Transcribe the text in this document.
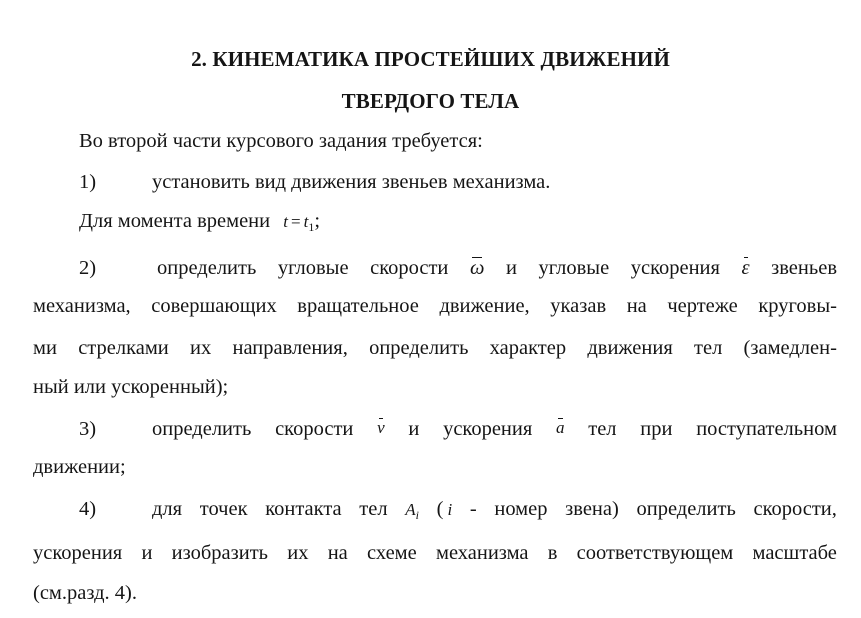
2. КИНЕМАТИКА ПРОСТЕЙШИХ ДВИЖЕНИЙ
ТВЕРДОГО ТЕЛА
Во второй части курсового задания требуется:
1)	установить вид движения звеньев механизма.
Для момента времени $t = t_1$;
2)	определить угловые скорости ω и угловые ускорения ε звеньев
механизма, совершающих вращательное движение, указав на чертеже круговы-
ми стрелками их направления, определить характер движения тел (замедлен-
ный или ускоренный);
3)	определить скорости v и ускорения a тел при поступательном
движении;
4)	для точек контакта тел Ai ( i - номер звена) определить скорости,
ускорения и изобразить их на схеме механизма в соответствующем масштабе
(см.разд. 4).
